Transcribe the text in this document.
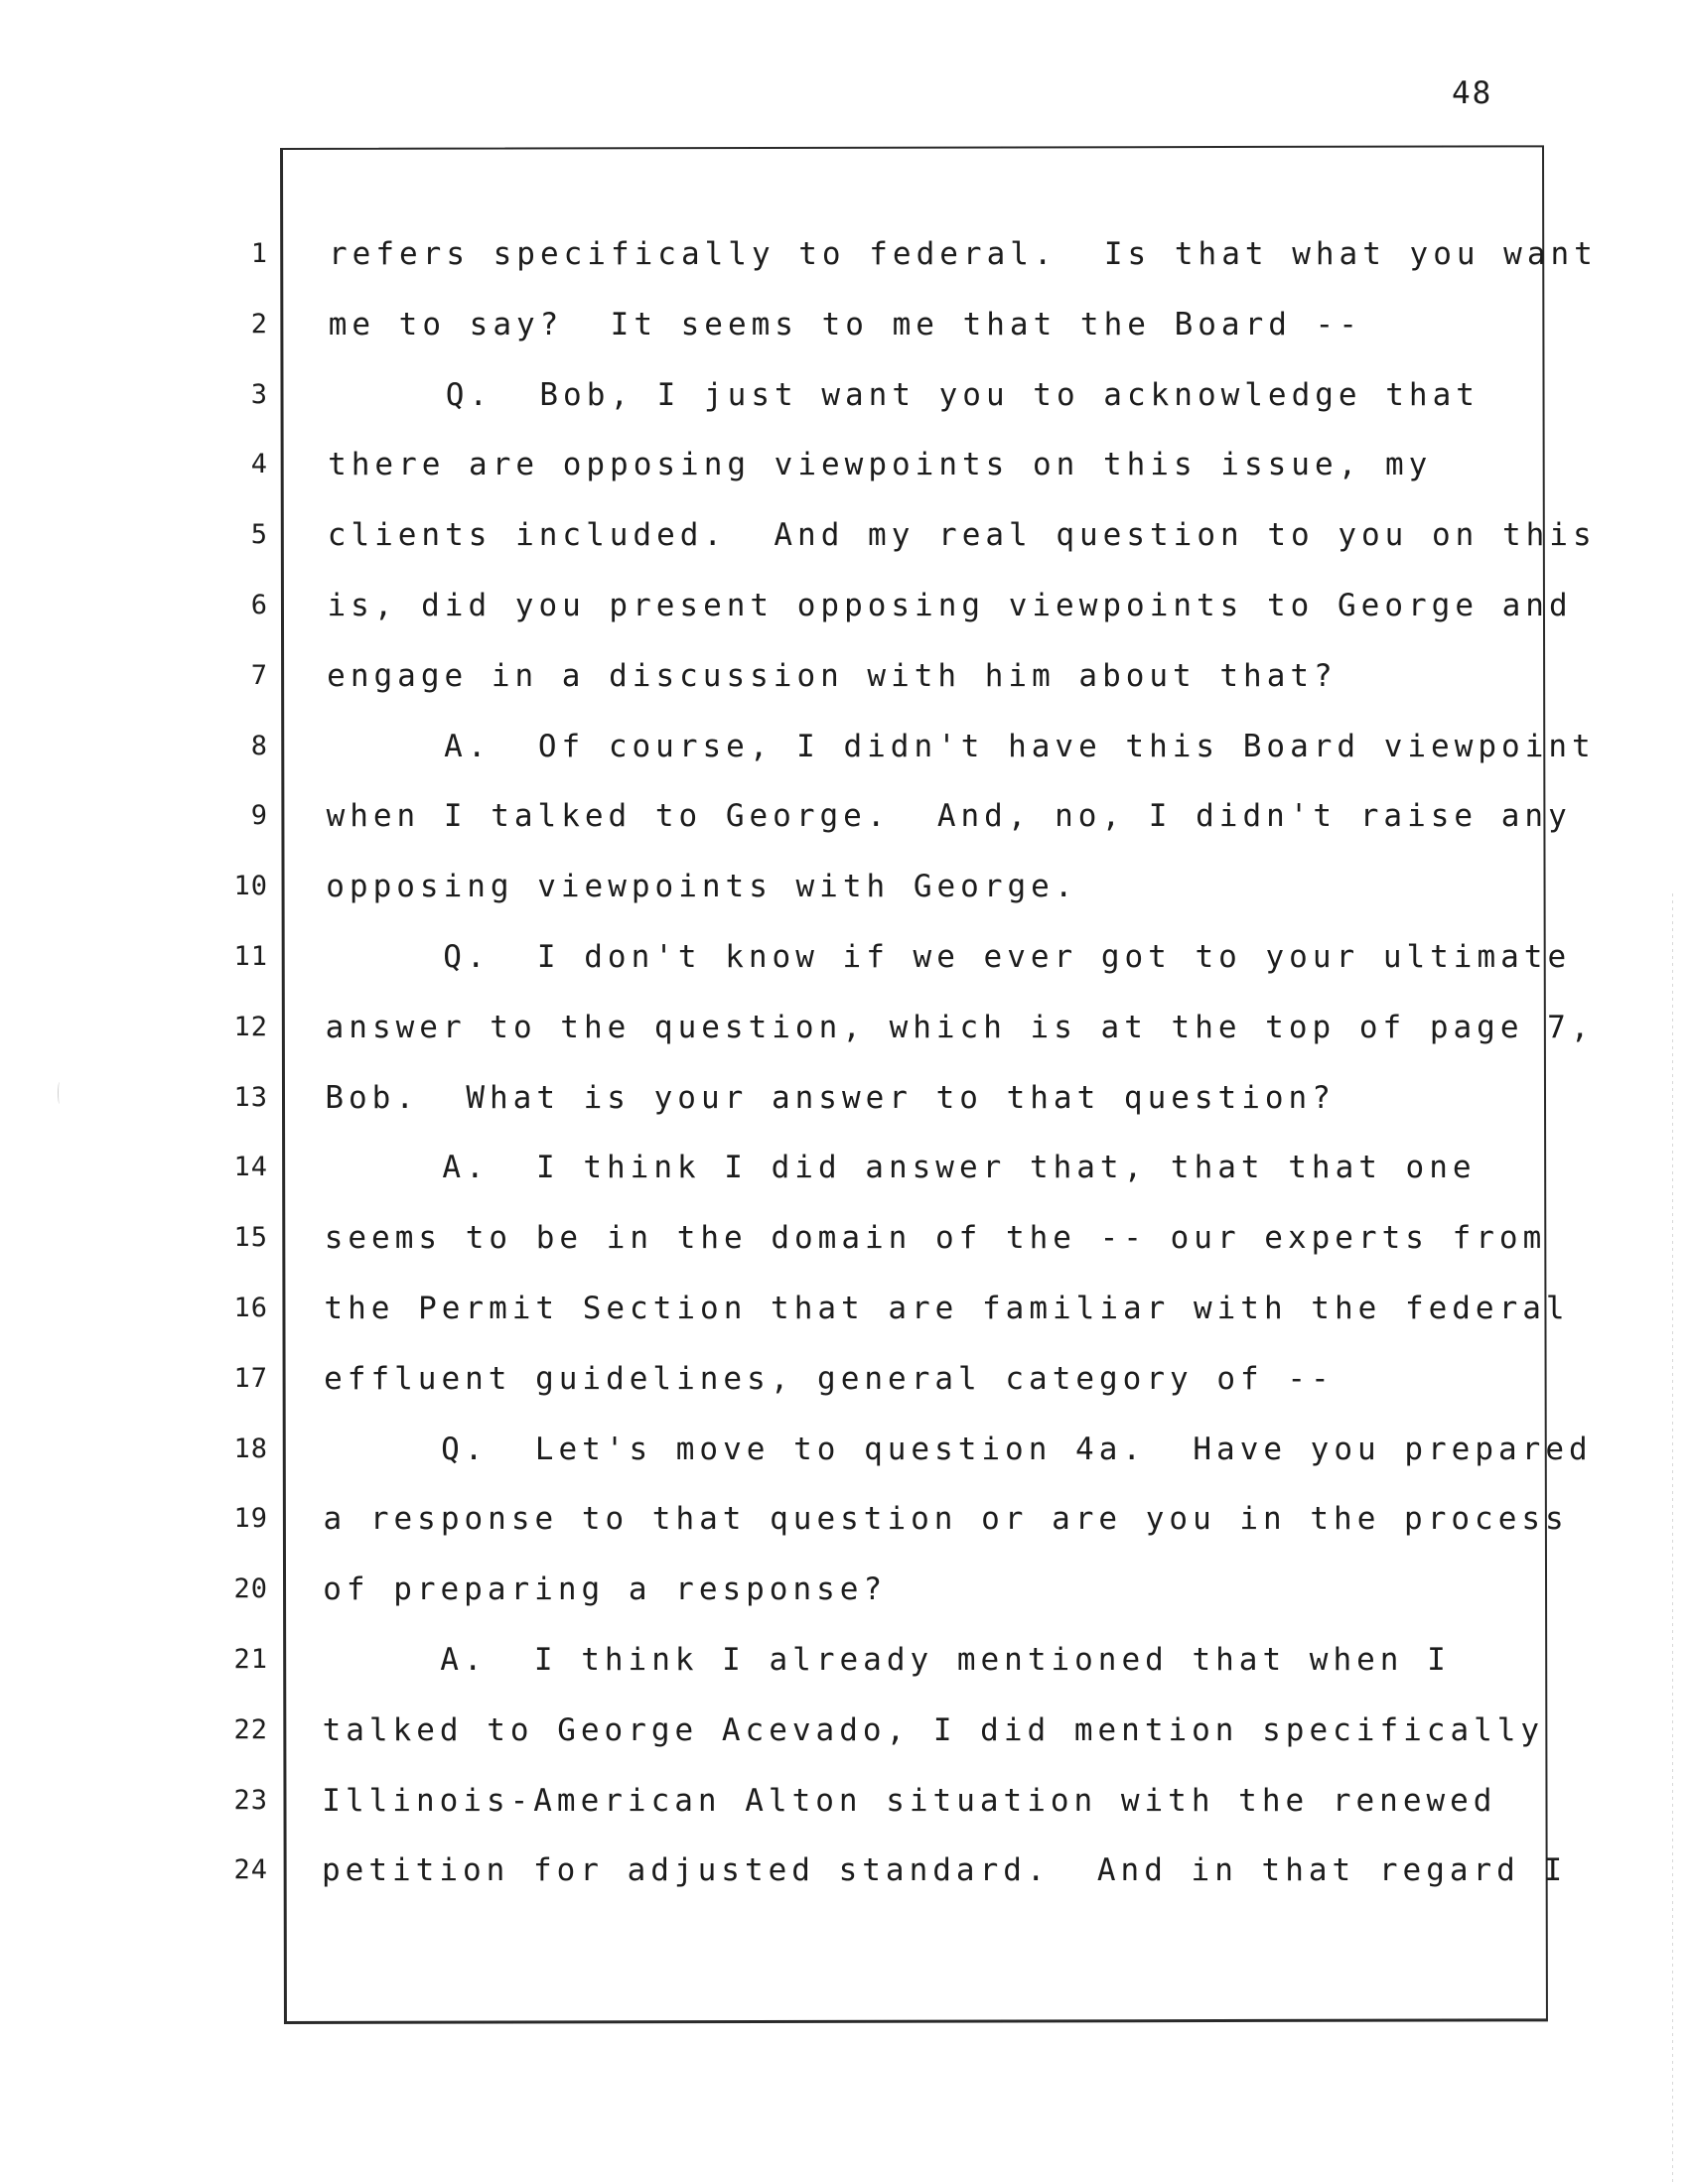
48
1
2
3
4
5
6
7
8
9
10
11
12
13
14
15
16
17
18
19
20
21
22
23
24
refers specifically to federal.  Is that what you want
me to say?  It seems to me that the Board --
Q.  Bob, I just want you to acknowledge that
there are opposing viewpoints on this issue, my
clients included.  And my real question to you on this
is, did you present opposing viewpoints to George and
engage in a discussion with him about that?
A.  Of course, I didn't have this Board viewpoint
when I talked to George.  And, no, I didn't raise any
opposing viewpoints with George.
Q.  I don't know if we ever got to your ultimate
answer to the question, which is at the top of page 7,
Bob.  What is your answer to that question?
A.  I think I did answer that, that that one
seems to be in the domain of the -- our experts from
the Permit Section that are familiar with the federal
effluent guidelines, general category of --
Q.  Let's move to question 4a.  Have you prepared
a response to that question or are you in the process
of preparing a response?
A.  I think I already mentioned that when I
talked to George Acevado, I did mention specifically
Illinois-American Alton situation with the renewed
petition for adjusted standard.  And in that regard I
